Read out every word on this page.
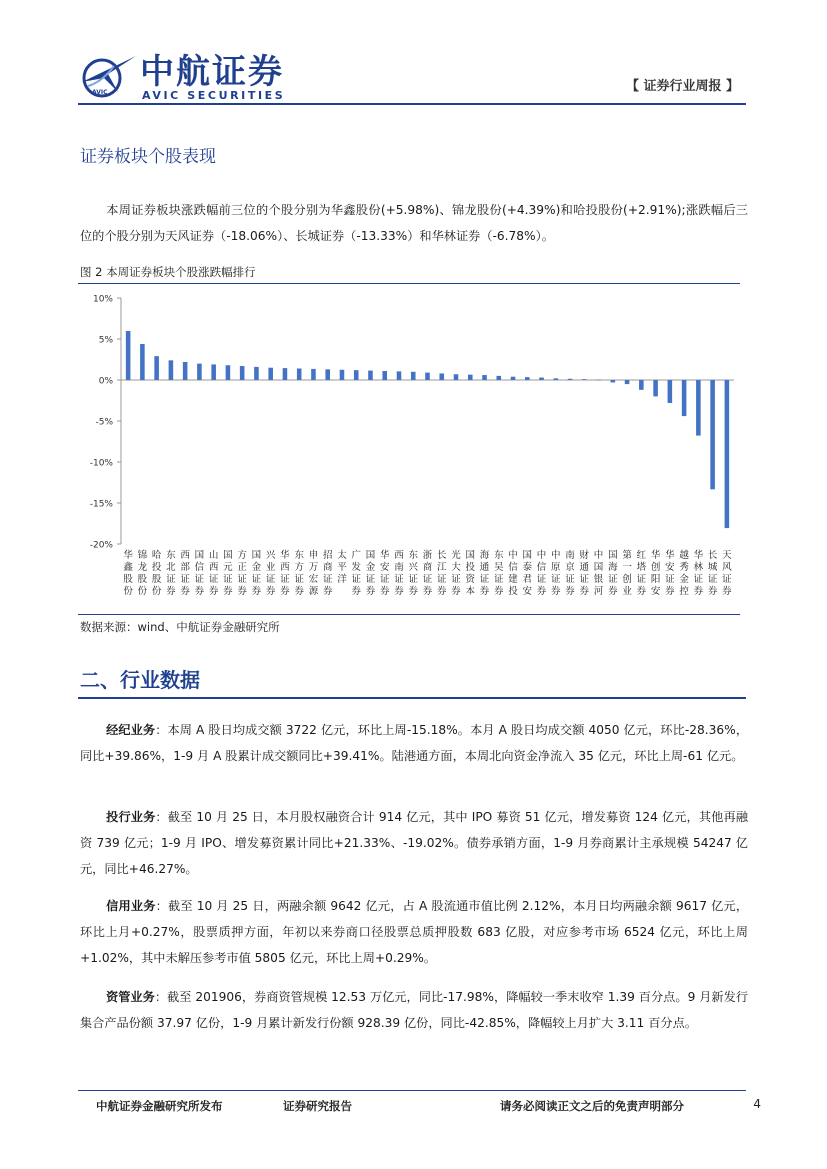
AVIC
中航证券
AVIC SECURITIES
【 证券行业周报 】
证券板块个股表现
本周证券板块涨跌幅前三位的个股分别为华鑫股份(+5.98%)、锦龙股份(+4.39%)和哈投股份(+2.91%);涨跌幅后三位的个股分别为天风证券（-18.06%）、长城证券（-13.33%）和华林证券（-6.78%）。
图 2 本周证券板块个股涨跌幅排行
10%
5%
0%
-5%
-10%
-15%
-20%
华鑫股份
锦龙股份
哈投股份
东北证券
西部证券
国信证券
山西证券
国元证券
方正证券
国金证券
兴业证券
华西证券
东方证券
申万宏源
招商证券
太平洋
广发证券
国金证券
华安证券
西南证券
东兴证券
浙商证券
长江证券
光大证券
国投资本
海通证券
东吴证券
中信建投
国泰君安
中信证券
中原证券
南京证券
财通证券
中国银河
国海证券
第一创业
红塔证券
华创阳安
华安证券
越秀金控
华林证券
长城证券
天风证券
数据来源：wind、中航证券金融研究所
二、行业数据
经纪业务：本周 A 股日均成交额 3722 亿元，环比上周-15.18%。本月 A 股日均成交额 4050 亿元，环比-28.36%，同比+39.86%，1-9 月 A 股累计成交额同比+39.41%。陆港通方面，本周北向资金净流入 35 亿元，环比上周-61 亿元。
投行业务：截至 10 月 25 日，本月股权融资合计 914 亿元，其中 IPO 募资 51 亿元，增发募资 124 亿元，其他再融资 739 亿元；1-9 月 IPO、增发募资累计同比+21.33%、-19.02%。债券承销方面，1-9 月券商累计主承规模 54247 亿元，同比+46.27%。
信用业务：截至 10 月 25 日，两融余额 9642 亿元，占 A 股流通市值比例 2.12%，本月日均两融余额 9617 亿元，环比上月+0.27%，股票质押方面，年初以来券商口径股票总质押股数 683 亿股，对应参考市场 6524 亿元，环比上周+1.02%，其中未解压参考市值 5805 亿元，环比上周+0.29%。
资管业务：截至 201906，券商资管规模 12.53 万亿元，同比-17.98%，降幅较一季末收窄 1.39 百分点。9 月新发行集合产品份额 37.97 亿份，1-9 月累计新发行份额 928.39 亿份，同比-42.85%，降幅较上月扩大 3.11 百分点。
中航证券金融研究所发布	证券研究报告	请务必阅读正文之后的免责声明部分	4
